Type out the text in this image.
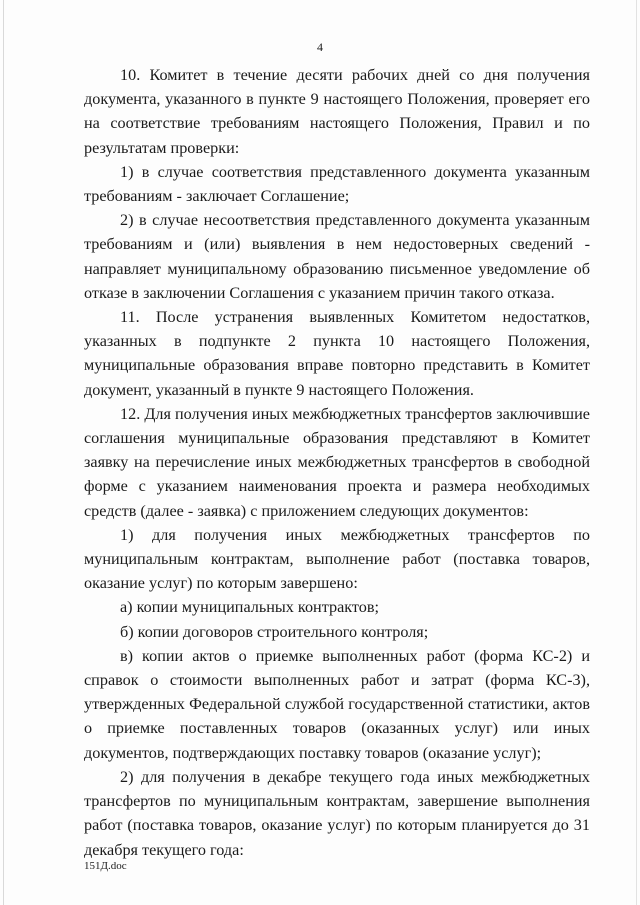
4

10. Комитет в течение десяти рабочих дней со дня получения документа, указанного в пункте 9 настоящего Положения, проверяет его на соответствие требованиям настоящего Положения, Правил и по результатам проверки:

1) в случае соответствия представленного документа указанным требованиям - заключает Соглашение;

2) в случае несоответствия представленного документа указанным требованиям и (или) выявления в нем недостоверных сведений - направляет муниципальному образованию письменное уведомление об отказе в заключении Соглашения с указанием причин такого отказа.

11. После устранения выявленных Комитетом недостатков, указанных в подпункте 2 пункта 10 настоящего Положения, муниципальные образования вправе повторно представить в Комитет документ, указанный в пункте 9 настоящего Положения.

12. Для получения иных межбюджетных трансфертов заключившие соглашения муниципальные образования представляют в Комитет заявку на перечисление иных межбюджетных трансфертов в свободной форме с указанием наименования проекта и размера необходимых средств (далее - заявка) с приложением следующих документов:

1) для получения иных межбюджетных трансфертов по муниципальным контрактам, выполнение работ (поставка товаров, оказание услуг) по которым завершено:

а) копии муниципальных контрактов;

б) копии договоров строительного контроля;

в) копии актов о приемке выполненных работ (форма КС-2) и справок о стоимости выполненных работ и затрат (форма КС-3), утвержденных Федеральной службой государственной статистики, актов о приемке поставленных товаров (оказанных услуг) или иных документов, подтверждающих поставку товаров (оказание услуг);

2) для получения в декабре текущего года иных межбюджетных трансфертов по муниципальным контрактам, завершение выполнения работ (поставка товаров, оказание услуг) по которым планируется до 31 декабря текущего года:

151Д.doc
